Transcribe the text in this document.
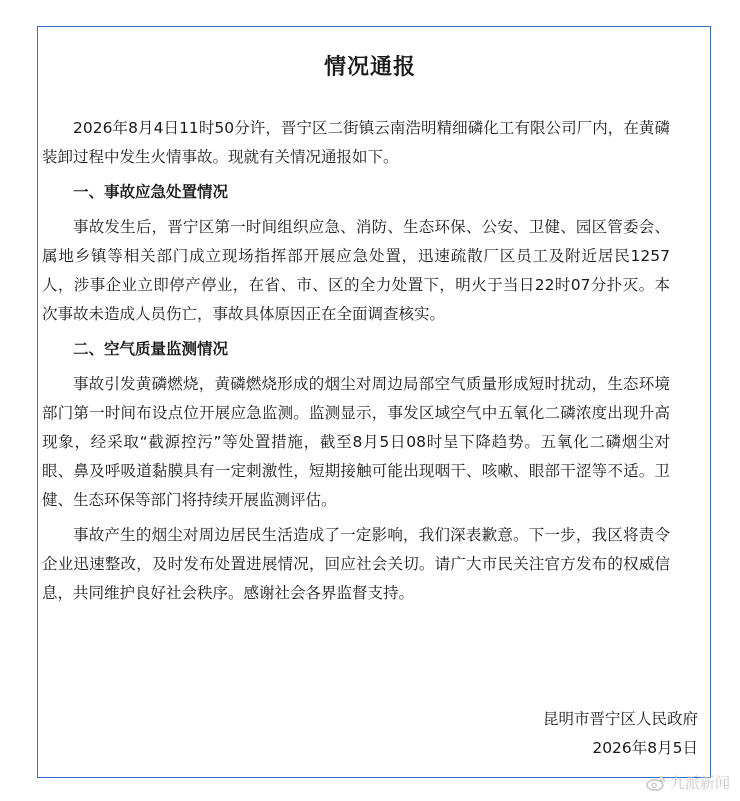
情况通报

2026年8月4日11时50分许，晋宁区二街镇云南浩明精细磷化工有限公司厂内，在黄磷装卸过程中发生火情事故。现就有关情况通报如下。

一、事故应急处置情况

事故发生后，晋宁区第一时间组织应急、消防、生态环保、公安、卫健、园区管委会、属地乡镇等相关部门成立现场指挥部开展应急处置，迅速疏散厂区员工及附近居民1257人，涉事企业立即停产停业，在省、市、区的全力处置下，明火于当日22时07分扑灭。本次事故未造成人员伤亡，事故具体原因正在全面调查核实。

二、空气质量监测情况

事故引发黄磷燃烧，黄磷燃烧形成的烟尘对周边局部空气质量形成短时扰动，生态环境部门第一时间布设点位开展应急监测。监测显示，事发区域空气中五氧化二磷浓度出现升高现象，经采取“截源控污”等处置措施，截至8月5日08时呈下降趋势。五氧化二磷烟尘对眼、鼻及呼吸道黏膜具有一定刺激性，短期接触可能出现咽干、咳嗽、眼部干涩等不适。卫健、生态环保等部门将持续开展监测评估。

事故产生的烟尘对周边居民生活造成了一定影响，我们深表歉意。下一步，我区将责令企业迅速整改，及时发布处置进展情况，回应社会关切。请广大市民关注官方发布的权威信息，共同维护良好社会秩序。感谢社会各界监督支持。

昆明市晋宁区人民政府
2026年8月5日
九派新闻
